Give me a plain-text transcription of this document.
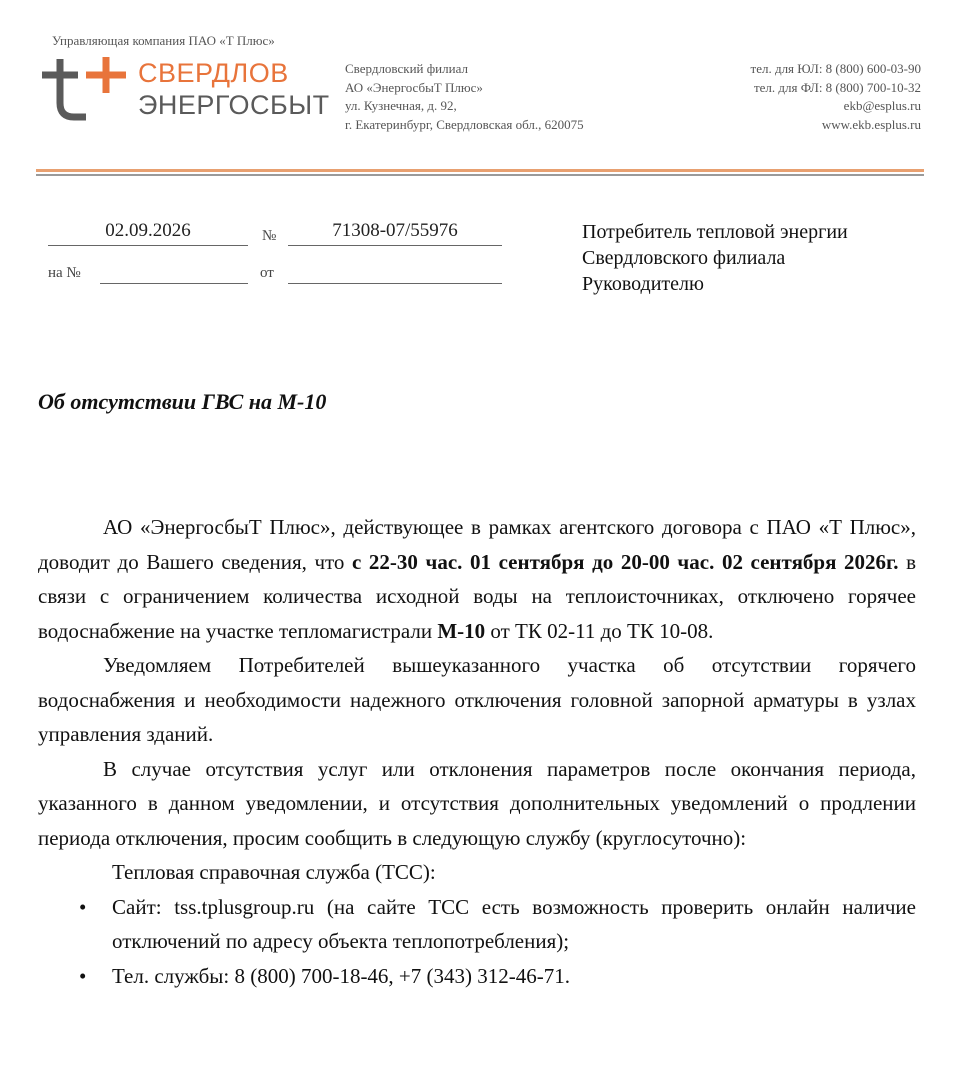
Управляющая компания ПАО «Т Плюс»
СВЕРДЛОВ
ЭНЕРГОСБЫТ
Свердловский филиал
АО «ЭнергосбыТ Плюс»
ул. Кузнечная, д. 92,
г. Екатеринбург, Свердловская обл., 620075
тел. для ЮЛ: 8 (800) 600-03-90
тел. для ФЛ: 8 (800) 700-10-32
ekb@esplus.ru
www.ekb.esplus.ru
02.09.2026	№	71308-07/55976
на №	от
Потребитель тепловой энергии
Свердловского филиала
Руководителю
Об отсутствии ГВС на М-10

АО «ЭнергосбыТ Плюс», действующее в рамках агентского договора с ПАО «Т Плюс», доводит до Вашего сведения, что с 22-30 час. 01 сентября до 20-00 час. 02 сентября 2026г. в связи с ограничением количества исходной воды на теплоисточниках, отключено горячее водоснабжение на участке тепломагистрали М-10 от ТК 02-11 до ТК 10-08.

Уведомляем Потребителей вышеуказанного участка об отсутствии горячего водоснабжения и необходимости надежного отключения головной запорной арматуры в узлах управления зданий.

В случае отсутствия услуг или отклонения параметров после окончания периода, указанного в данном уведомлении, и отсутствия дополнительных уведомлений о продлении периода отключения, просим сообщить в следующую службу (круглосуточно):

Тепловая справочная служба (ТСС):

• Сайт: tss.tplusgroup.ru (на сайте ТСС есть возможность проверить онлайн наличие отключений по адресу объекта теплопотребления);
• Тел. службы: 8 (800) 700-18-46, +7 (343) 312-46-71.
